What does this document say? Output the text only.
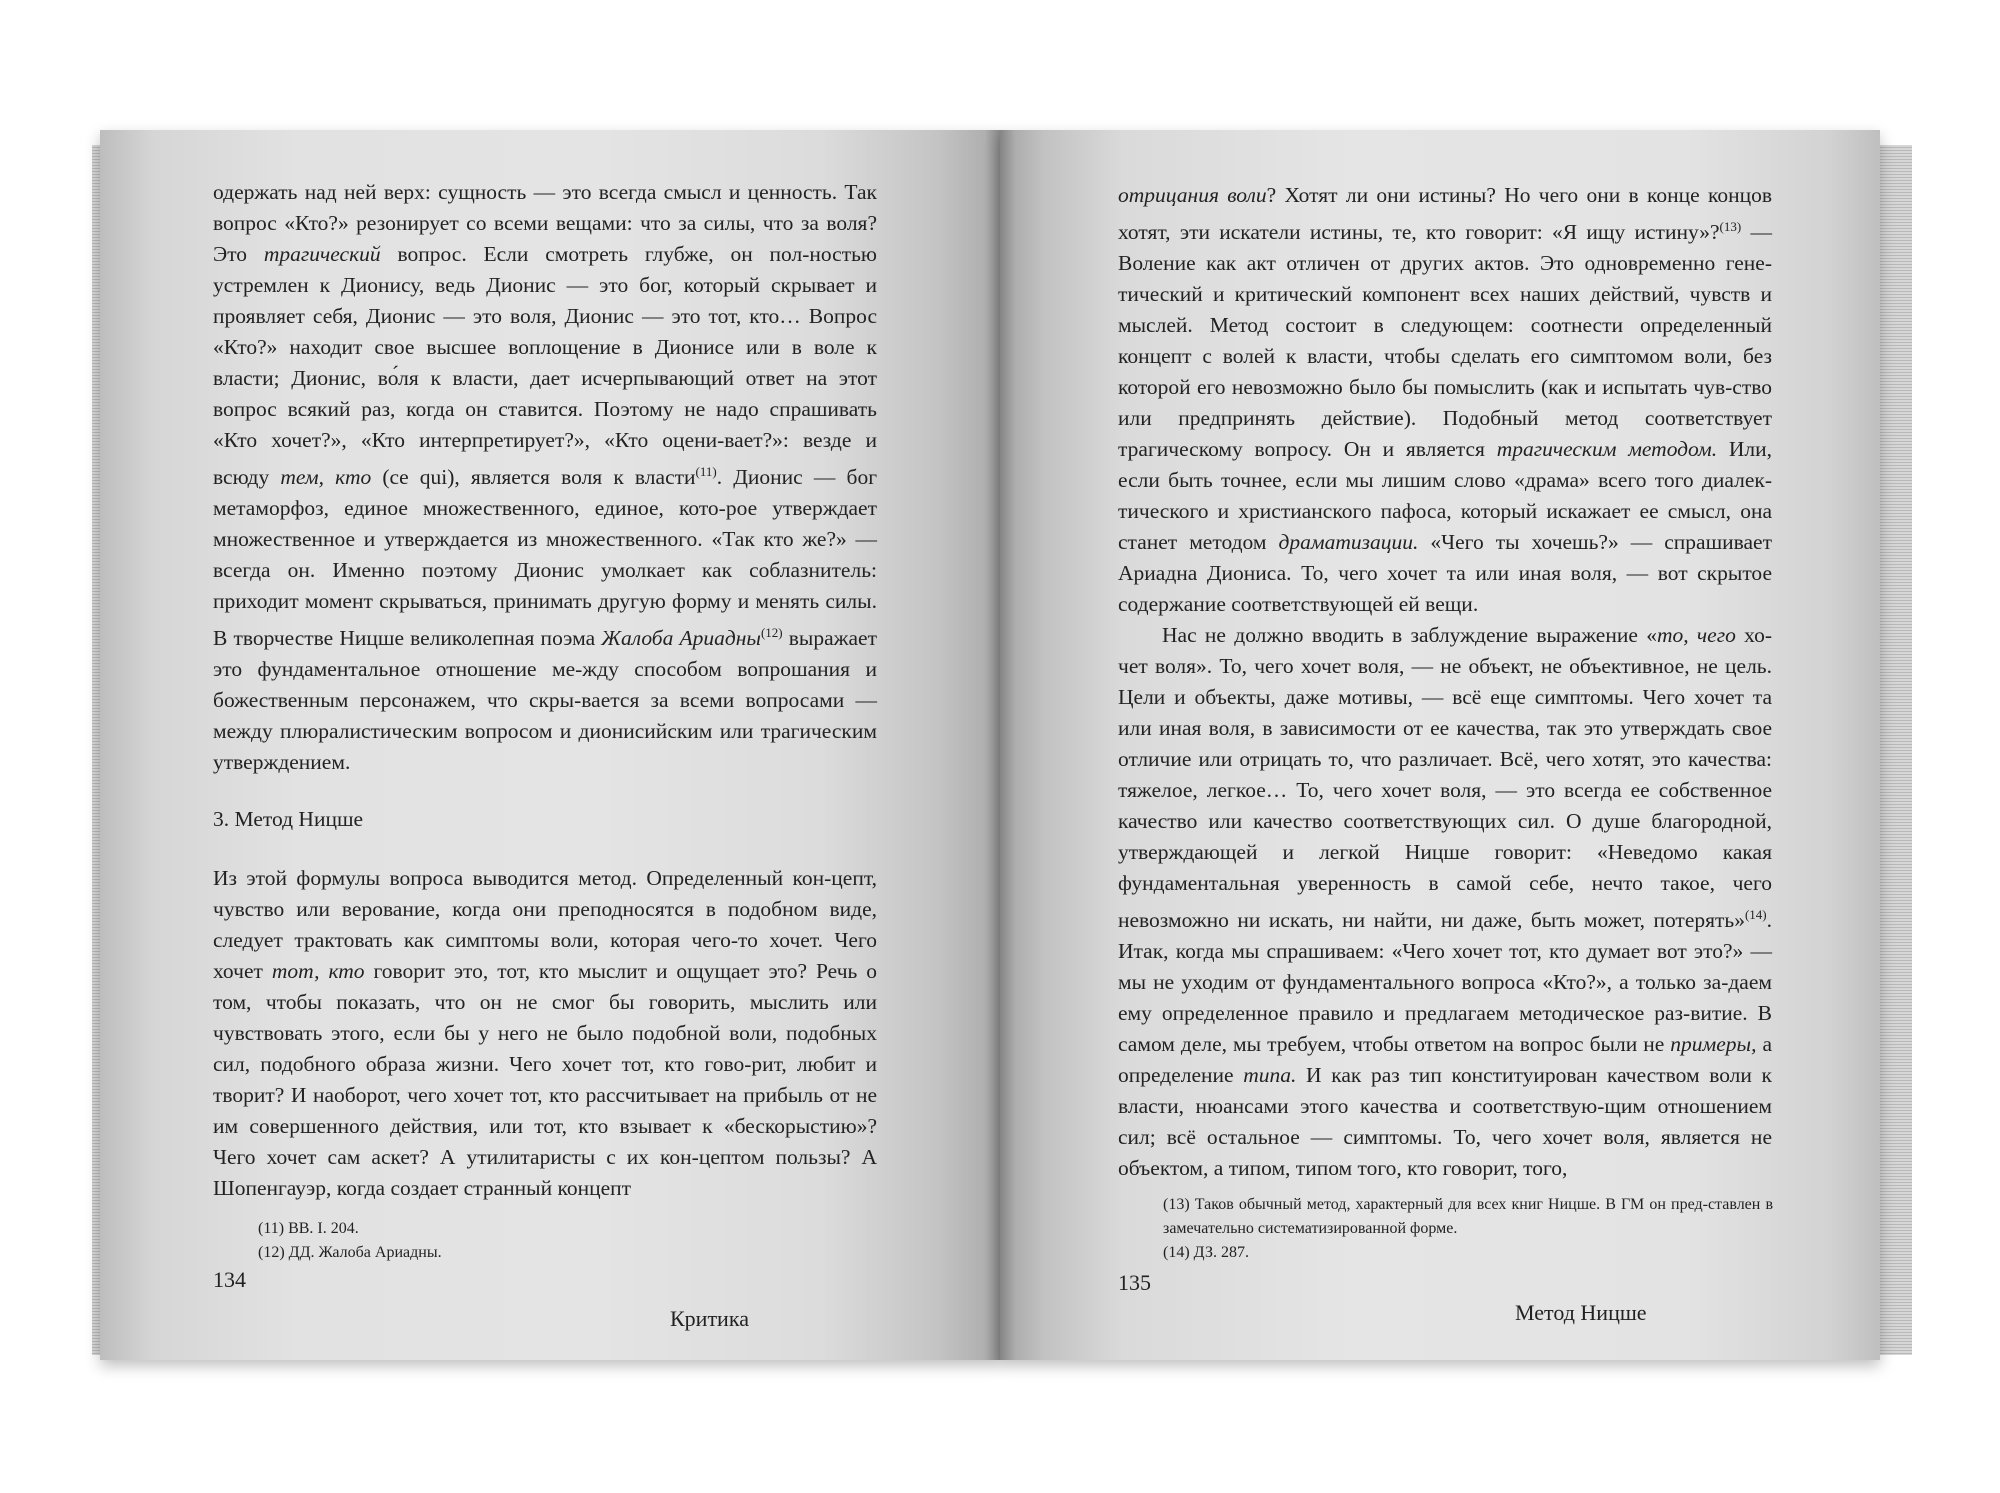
одержать над ней верх: сущность — это всегда смысл и ценность. Так вопрос «Кто?» резонирует со всеми вещами: что за силы, что за воля? Это трагический вопрос. Если смотреть глубже, он пол-ностью устремлен к Дионису, ведь Дионис — это бог, который скрывает и проявляет себя, Дионис — это воля, Дионис — это тот, кто… Вопрос «Кто?» находит свое высшее воплощение в Дионисе или в воле к власти; Дионис, во́ля к власти, дает исчерпывающий ответ на этот вопрос всякий раз, когда он ставится. Поэтому не надо спрашивать «Кто хочет?», «Кто интерпретирует?», «Кто оцени-вает?»: везде и всюду тем, кто (ce qui), является воля к власти$^{(11)}$. Дионис — бог метаморфоз, единое множественного, единое, кото-рое утверждает множественное и утверждается из множественного. «Так кто же?» — всегда он. Именно поэтому Дионис умолкает как соблазнитель: приходит момент скрываться, принимать другую форму и менять силы. В творчестве Ницше великолепная поэма Жалоба Ариадны$^{(12)}$ выражает это фундаментальное отношение ме-жду способом вопрошания и божественным персонажем, что скры-вается за всеми вопросами — между плюралистическим вопросом и дионисийским или трагическим утверждением.

3. Метод Ницше

Из этой формулы вопроса выводится метод. Определенный кон-цепт, чувство или верование, когда они преподносятся в подобном виде, следует трактовать как симптомы воли, которая чего-то хочет. Чего хочет тот, кто говорит это, тот, кто мыслит и ощущает это? Речь о том, чтобы показать, что он не смог бы говорить, мыслить или чувствовать этого, если бы у него не было подобной воли, подобных сил, подобного образа жизни. Чего хочет тот, кто гово-рит, любит и творит? И наоборот, чего хочет тот, кто рассчитывает на прибыль от не им совершенного действия, или тот, кто взывает к «бескорыстию»? Чего хочет сам аскет? А утилитаристы с их кон-цептом пользы? А Шопенгауэр, когда создает странный концепт

(11) ВВ. I. 204.
(12) ДД. Жалоба Ариадны.
134
Критика

отрицания воли? Хотят ли они истины? Но чего они в конце концов хотят, эти искатели истины, те, кто говорит: «Я ищу истину»?$^{(13)}$ — Воление как акт отличен от других актов. Это одновременно гене-тический и критический компонент всех наших действий, чувств и мыслей. Метод состоит в следующем: соотнести определенный концепт с волей к власти, чтобы сделать его симптомом воли, без которой его невозможно было бы помыслить (как и испытать чув-ство или предпринять действие). Подобный метод соответствует трагическому вопросу. Он и является трагическим методом. Или, если быть точнее, если мы лишим слово «драма» всего того диалек-тического и христианского пафоса, который искажает ее смысл, она станет методом драматизации. «Чего ты хочешь?» — спрашивает Ариадна Диониса. То, чего хочет та или иная воля, — вот скрытое содержание соответствующей ей вещи.

Нас не должно вводить в заблуждение выражение «то, чего хо-чет воля». То, чего хочет воля, — не объект, не объективное, не цель. Цели и объекты, даже мотивы, — всё еще симптомы. Чего хочет та или иная воля, в зависимости от ее качества, так это утверждать свое отличие или отрицать то, что различает. Всё, чего хотят, это качества: тяжелое, легкое… То, чего хочет воля, — это всегда ее собственное качество или качество соответствующих сил. О душе благородной, утверждающей и легкой Ницше говорит: «Неведомо какая фундаментальная уверенность в самой себе, нечто такое, чего невозможно ни искать, ни найти, ни даже, быть может, потерять»$^{(14)}$. Итак, когда мы спрашиваем: «Чего хочет тот, кто думает вот это?» — мы не уходим от фундаментального вопроса «Кто?», а только за-даем ему определенное правило и предлагаем методическое раз-витие. В самом деле, мы требуем, чтобы ответом на вопрос были не примеры, а определение типа. И как раз тип конституирован качеством воли к власти, нюансами этого качества и соответствую-щим отношением сил; всё остальное — симптомы. То, чего хочет воля, является не объектом, а типом, типом того, кто говорит, того,

(13) Таков обычный метод, характерный для всех книг Ницше. В ГМ он пред-ставлен в замечательно систематизированной форме.
(14) ДЗ. 287.
135
Метод Ницше
